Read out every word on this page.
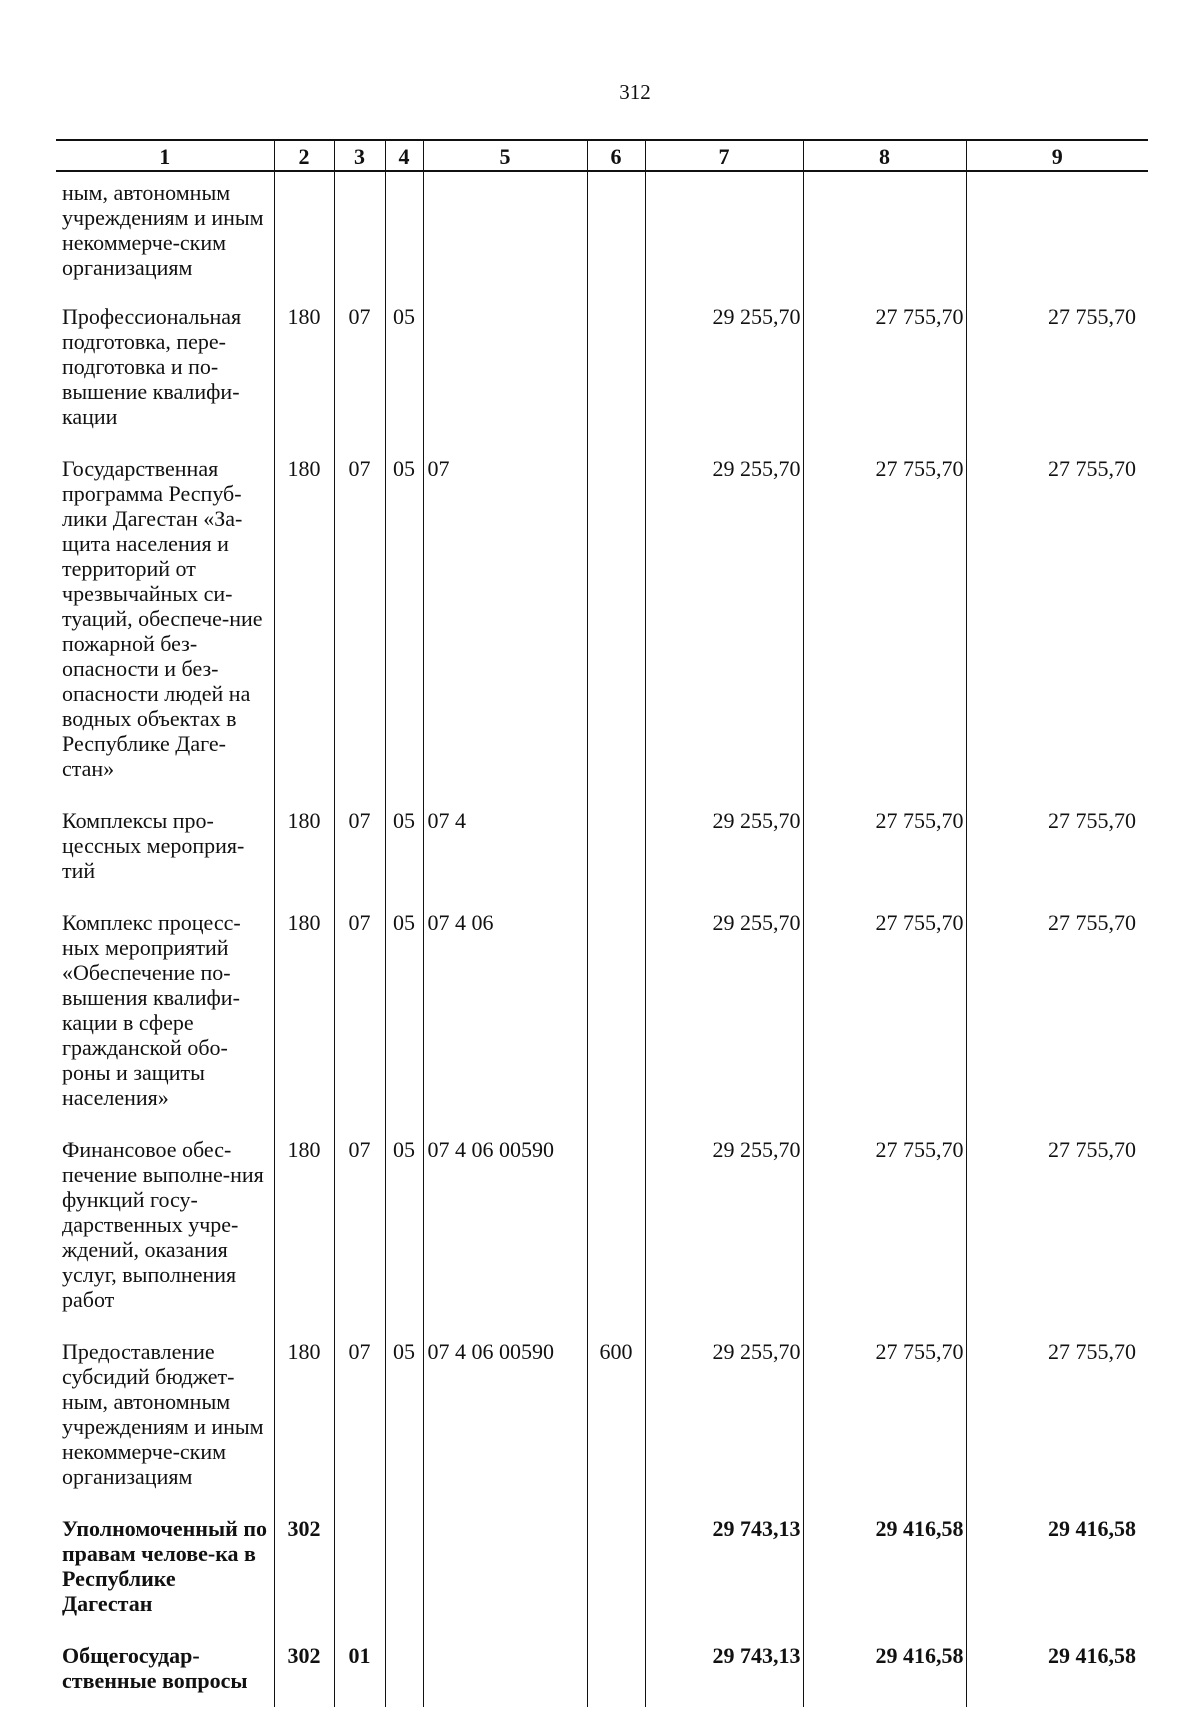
312
1	2	3	4	5	6	7	8	9
ным, автономным учреждениям и иным некоммерче-ским организациям								
Профессиональная подготовка, пере-подготовка и по-вышение квалифи-кации	180	07	05			29 255,70	27 755,70	27 755,70
Государственная программа Респуб-лики Дагестан «За-щита населения и территорий от чрезвычайных си-туаций, обеспече-ние пожарной без-опасности и без-опасности людей на водных объектах в Республике Даге-стан»	180	07	05	07		29 255,70	27 755,70	27 755,70
Комплексы про-цессных мероприя-тий	180	07	05	07 4		29 255,70	27 755,70	27 755,70
Комплекс процесс-ных мероприятий «Обеспечение по-вышения квалифи-кации в сфере гражданской обо-роны и защиты населения»	180	07	05	07 4 06		29 255,70	27 755,70	27 755,70
Финансовое обес-печение выполне-ния функций госу-дарственных учре-ждений, оказания услуг, выполнения работ	180	07	05	07 4 06 00590		29 255,70	27 755,70	27 755,70
Предоставление субсидий бюджет-ным, автономным учреждениям и иным некоммерче-ским организациям	180	07	05	07 4 06 00590	600	29 255,70	27 755,70	27 755,70
Уполномоченный по правам челове-ка в Республике Дагестан	302					29 743,13	29 416,58	29 416,58
Общегосудар-ственные вопросы	302	01				29 743,13	29 416,58	29 416,58
